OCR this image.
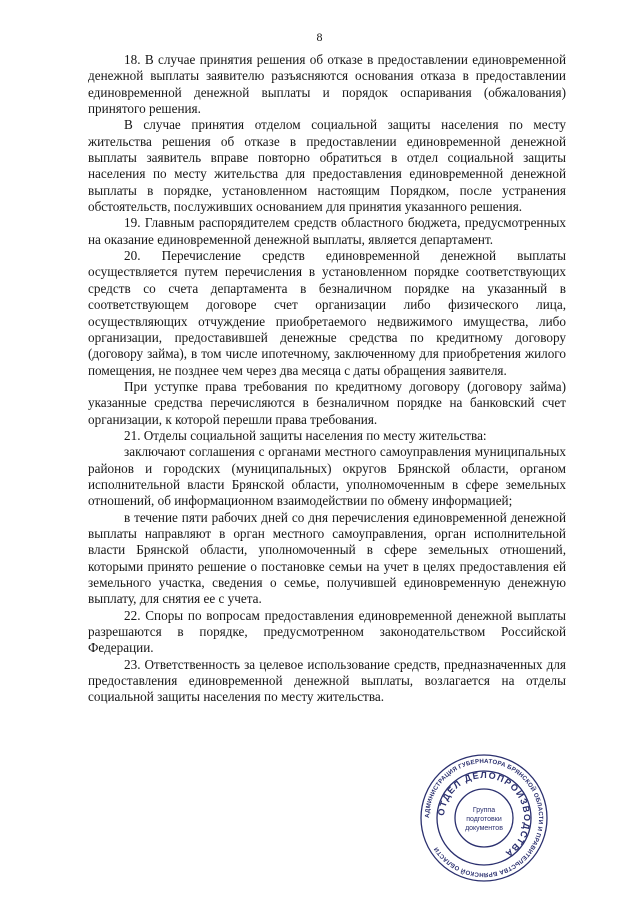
8

18. В случае принятия решения об отказе в предоставлении единовременной денежной выплаты заявителю разъясняются основания отказа в предоставлении единовременной денежной выплаты и порядок оспаривания (обжалования) принятого решения.

В случае принятия отделом социальной защиты населения по месту жительства решения об отказе в предоставлении единовременной денежной выплаты заявитель вправе повторно обратиться в отдел социальной защиты населения по месту жительства для предоставления единовременной денежной выплаты в порядке, установленном настоящим Порядком, после устранения обстоятельств, послуживших основанием для принятия указанного решения.

19. Главным распорядителем средств областного бюджета, предусмотренных на оказание единовременной денежной выплаты, является департамент.

20. Перечисление средств единовременной денежной выплаты осуществляется путем перечисления в установленном порядке соответствующих средств со счета департамента в безналичном порядке на указанный в соответствующем договоре счет организации либо физического лица, осуществляющих отчуждение приобретаемого недвижимого имущества, либо организации, предоставившей денежные средства по кредитному договору (договору займа), в том числе ипотечному, заключенному для приобретения жилого помещения, не позднее чем через два месяца с даты обращения заявителя.

При уступке права требования по кредитному договору (договору займа) указанные средства перечисляются в безналичном порядке на банковский счет организации, к которой перешли права требования.

21. Отделы социальной защиты населения по месту жительства:

заключают соглашения с органами местного самоуправления муниципальных районов и городских (муниципальных) округов Брянской области, органом исполнительной власти Брянской области, уполномоченным в сфере земельных отношений, об информационном взаимодействии по обмену информацией;

в течение пяти рабочих дней со дня перечисления единовременной денежной выплаты направляют в орган местного самоуправления, орган исполнительной власти Брянской области, уполномоченный в сфере земельных отношений, которыми принято решение о постановке семьи на учет в целях предоставления ей земельного участка, сведения о семье, получившей единовременную денежную выплату, для снятия ее с учета.

22. Споры по вопросам предоставления единовременной денежной выплаты разрешаются в порядке, предусмотренном законодательством Российской Федерации.

23. Ответственность за целевое использование средств, предназначенных для предоставления единовременной денежной выплаты, возлагается на отделы социальной защиты населения по месту жительства.

АДМИНИСТРАЦИЯ ГУБЕРНАТОРА БРЯНСКОЙ ОБЛАСТИ И ПРАВИТЕЛЬСТВА БРЯНСКОЙ ОБЛАСТИ
ОТДЕЛ ДЕЛОПРОИЗВОДСТВА
Группа
подготовки
документов
